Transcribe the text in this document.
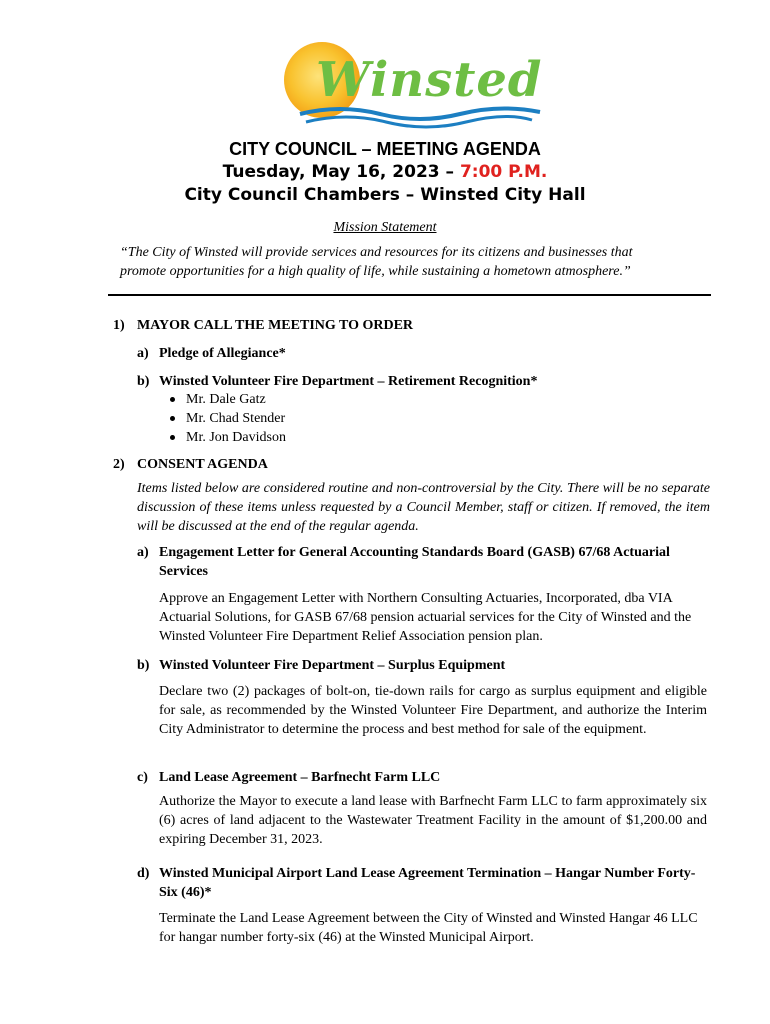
Winsted
CITY COUNCIL – MEETING AGENDA
Tuesday, May 16, 2023 – 7:00 P.M.
City Council Chambers – Winsted City Hall
Mission Statement
“The City of Winsted will provide services and resources for its citizens and businesses that promote opportunities for a high quality of life, while sustaining a hometown atmosphere.”
1) MAYOR CALL THE MEETING TO ORDER
a) Pledge of Allegiance*
b) Winsted Volunteer Fire Department – Retirement Recognition*
Mr. Dale Gatz
Mr. Chad Stender
Mr. Jon Davidson
2) CONSENT AGENDA
Items listed below are considered routine and non-controversial by the City. There will be no separate discussion of these items unless requested by a Council Member, staff or citizen. If removed, the item will be discussed at the end of the regular agenda.
a) Engagement Letter for General Accounting Standards Board (GASB) 67/68 Actuarial Services
Approve an Engagement Letter with Northern Consulting Actuaries, Incorporated, dba VIA Actuarial Solutions, for GASB 67/68 pension actuarial services for the City of Winsted and the Winsted Volunteer Fire Department Relief Association pension plan.
b) Winsted Volunteer Fire Department – Surplus Equipment
Declare two (2) packages of bolt-on, tie-down rails for cargo as surplus equipment and eligible for sale, as recommended by the Winsted Volunteer Fire Department, and authorize the Interim City Administrator to determine the process and best method for sale of the equipment.
c) Land Lease Agreement – Barfnecht Farm LLC
Authorize the Mayor to execute a land lease with Barfnecht Farm LLC to farm approximately six (6) acres of land adjacent to the Wastewater Treatment Facility in the amount of $1,200.00 and expiring December 31, 2023.
d) Winsted Municipal Airport Land Lease Agreement Termination – Hangar Number Forty-Six (46)*
Terminate the Land Lease Agreement between the City of Winsted and Winsted Hangar 46 LLC for hangar number forty-six (46) at the Winsted Municipal Airport.
